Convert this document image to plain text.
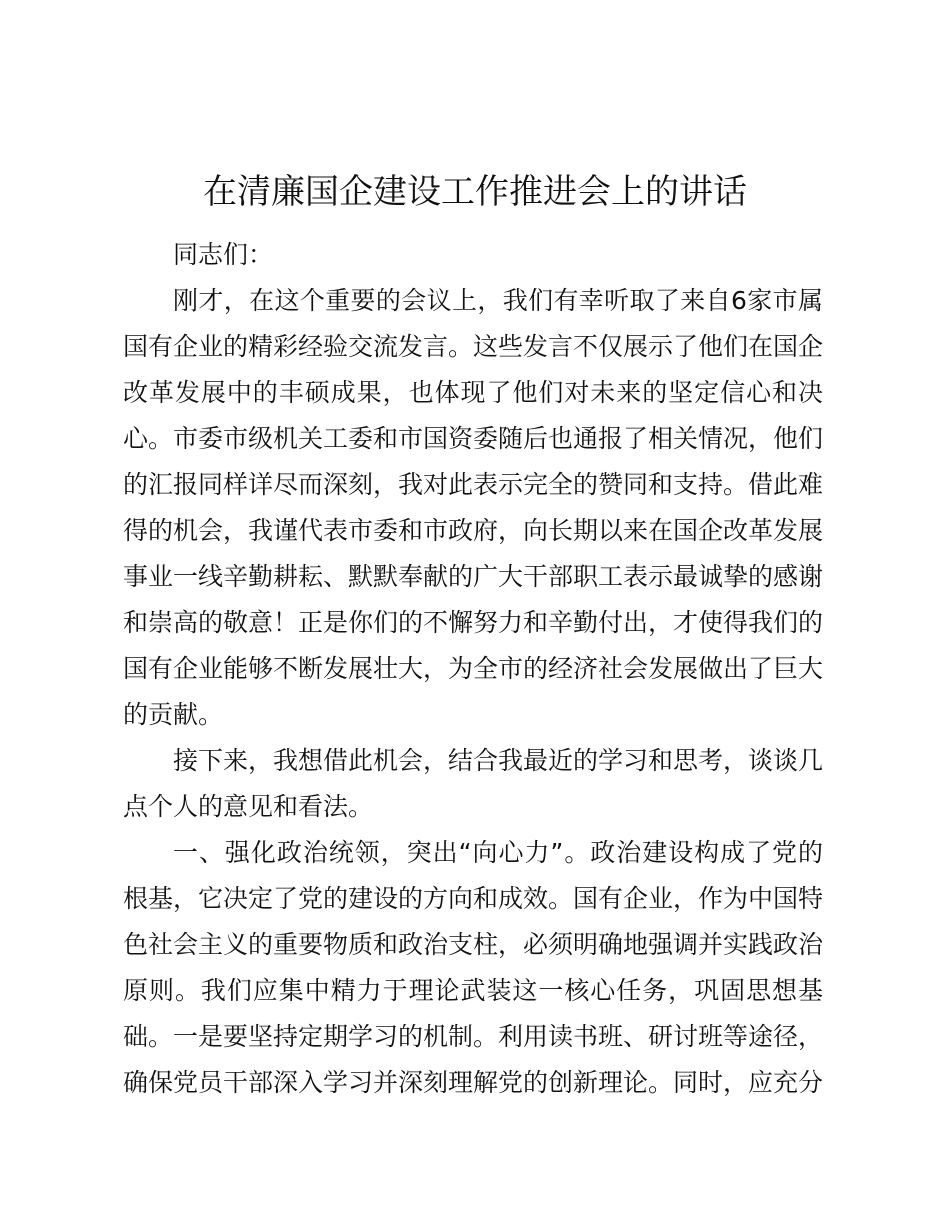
在清廉国企建设工作推进会上的讲话

同志们：

刚才，在这个重要的会议上，我们有幸听取了来自6家市属国有企业的精彩经验交流发言。这些发言不仅展示了他们在国企改革发展中的丰硕成果，也体现了他们对未来的坚定信心和决心。市委市级机关工委和市国资委随后也通报了相关情况，他们的汇报同样详尽而深刻，我对此表示完全的赞同和支持。借此难得的机会，我谨代表市委和市政府，向长期以来在国企改革发展事业一线辛勤耕耘、默默奉献的广大干部职工表示最诚挚的感谢和崇高的敬意！正是你们的不懈努力和辛勤付出，才使得我们的国有企业能够不断发展壮大，为全市的经济社会发展做出了巨大的贡献。

接下来，我想借此机会，结合我最近的学习和思考，谈谈几点个人的意见和看法。

一、强化政治统领，突出“向心力”。政治建设构成了党的根基，它决定了党的建设的方向和成效。国有企业，作为中国特色社会主义的重要物质和政治支柱，必须明确地强调并实践政治原则。我们应集中精力于理论武装这一核心任务，巩固思想基础。一是要坚持定期学习的机制。利用读书班、研讨班等途径，确保党员干部深入学习并深刻理解党的创新理论。同时，应充分
